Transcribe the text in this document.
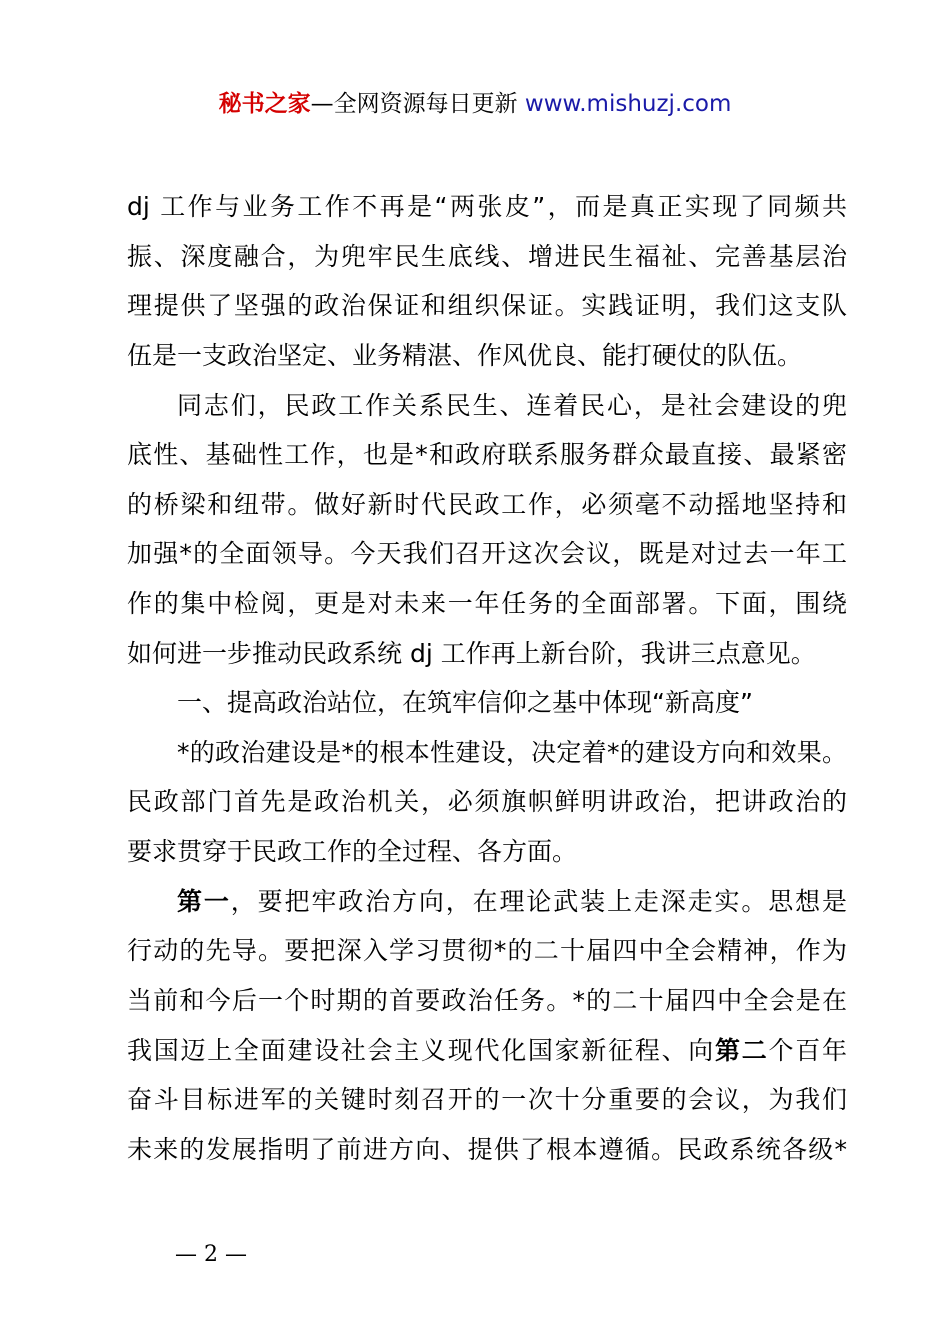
秘书之家—全网资源每日更新 www.mishuzj.com
dj 工作与业务工作不再是“两张皮”，而是真正实现了同频共
振、深度融合，为兜牢民生底线、增进民生福祉、完善基层治
理提供了坚强的政治保证和组织保证。实践证明，我们这支队
伍是一支政治坚定、业务精湛、作风优良、能打硬仗的队伍。
同志们，民政工作关系民生、连着民心，是社会建设的兜
底性、基础性工作，也是*和政府联系服务群众最直接、最紧密
的桥梁和纽带。做好新时代民政工作，必须毫不动摇地坚持和
加强*的全面领导。今天我们召开这次会议，既是对过去一年工
作的集中检阅，更是对未来一年任务的全面部署。下面，围绕
如何进一步推动民政系统 dj 工作再上新台阶，我讲三点意见。
一、提高政治站位，在筑牢信仰之基中体现“新高度”
*的政治建设是*的根本性建设，决定着*的建设方向和效果。
民政部门首先是政治机关，必须旗帜鲜明讲政治，把讲政治的
要求贯穿于民政工作的全过程、各方面。
第一，要把牢政治方向，在理论武装上走深走实。思想是
行动的先导。要把深入学习贯彻*的二十届四中全会精神，作为
当前和今后一个时期的首要政治任务。*的二十届四中全会是在
我国迈上全面建设社会主义现代化国家新征程、向第二个百年
奋斗目标进军的关键时刻召开的一次十分重要的会议，为我们
未来的发展指明了前进方向、提供了根本遵循。民政系统各级*
— 2 —
